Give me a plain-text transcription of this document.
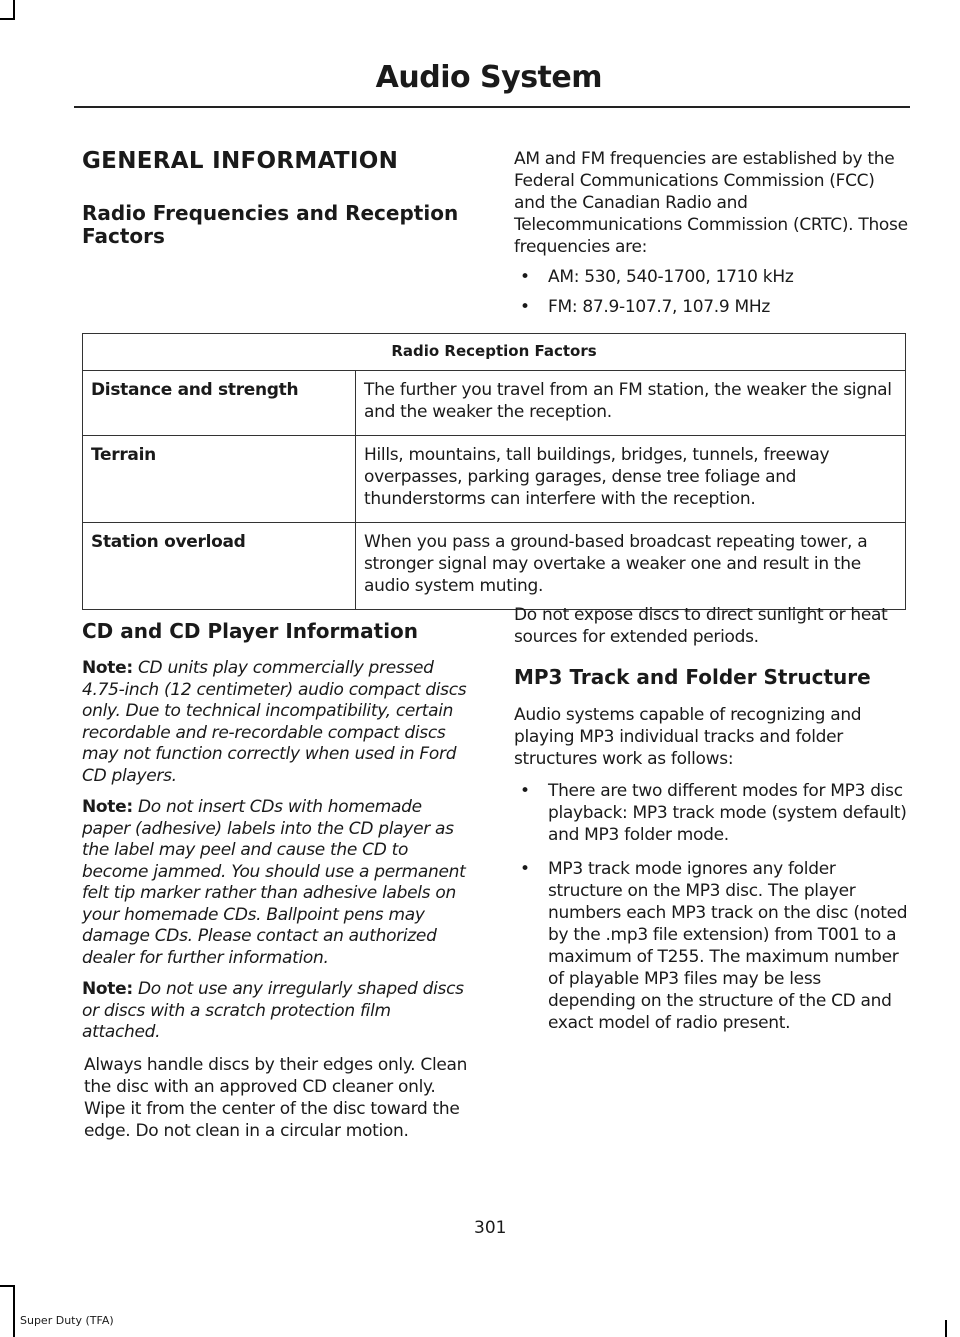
Audio System
GENERAL INFORMATION
Radio Frequencies and Reception Factors

AM and FM frequencies are established by the Federal Communications Commission (FCC) and the Canadian Radio and Telecommunications Commission (CRTC). Those frequencies are:

• AM: 530, 540-1700, 1710 kHz
• FM: 87.9-107.7, 107.9 MHz
Radio Reception Factors	
Distance and strength	The further you travel from an FM station, the weaker the signal and the weaker the reception.
Terrain	Hills, mountains, tall buildings, bridges, tunnels, freeway overpasses, parking garages, dense tree foliage and thunderstorms can interfere with the reception.
Station overload	When you pass a ground-based broadcast repeating tower, a stronger signal may overtake a weaker one and result in the audio system muting.
CD and CD Player Information

Note: CD units play commercially pressed 4.75-inch (12 centimeter) audio compact discs only. Due to technical incompatibility, certain recordable and re-recordable compact discs may not function correctly when used in Ford CD players.

Note: Do not insert CDs with homemade paper (adhesive) labels into the CD player as the label may peel and cause the CD to become jammed. You should use a permanent felt tip marker rather than adhesive labels on your homemade CDs. Ballpoint pens may damage CDs. Please contact an authorized dealer for further information.

Note: Do not use any irregularly shaped discs or discs with a scratch protection film attached.

Always handle discs by their edges only. Clean the disc with an approved CD cleaner only. Wipe it from the center of the disc toward the edge. Do not clean in a circular motion.

Do not expose discs to direct sunlight or heat sources for extended periods.

MP3 Track and Folder Structure

Audio systems capable of recognizing and playing MP3 individual tracks and folder structures work as follows:

• There are two different modes for MP3 disc playback: MP3 track mode (system default) and MP3 folder mode.
• MP3 track mode ignores any folder structure on the MP3 disc. The player numbers each MP3 track on the disc (noted by the .mp3 file extension) from T001 to a maximum of T255. The maximum number of playable MP3 files may be less depending on the structure of the CD and exact model of radio present.
301
Super Duty (TFA)
